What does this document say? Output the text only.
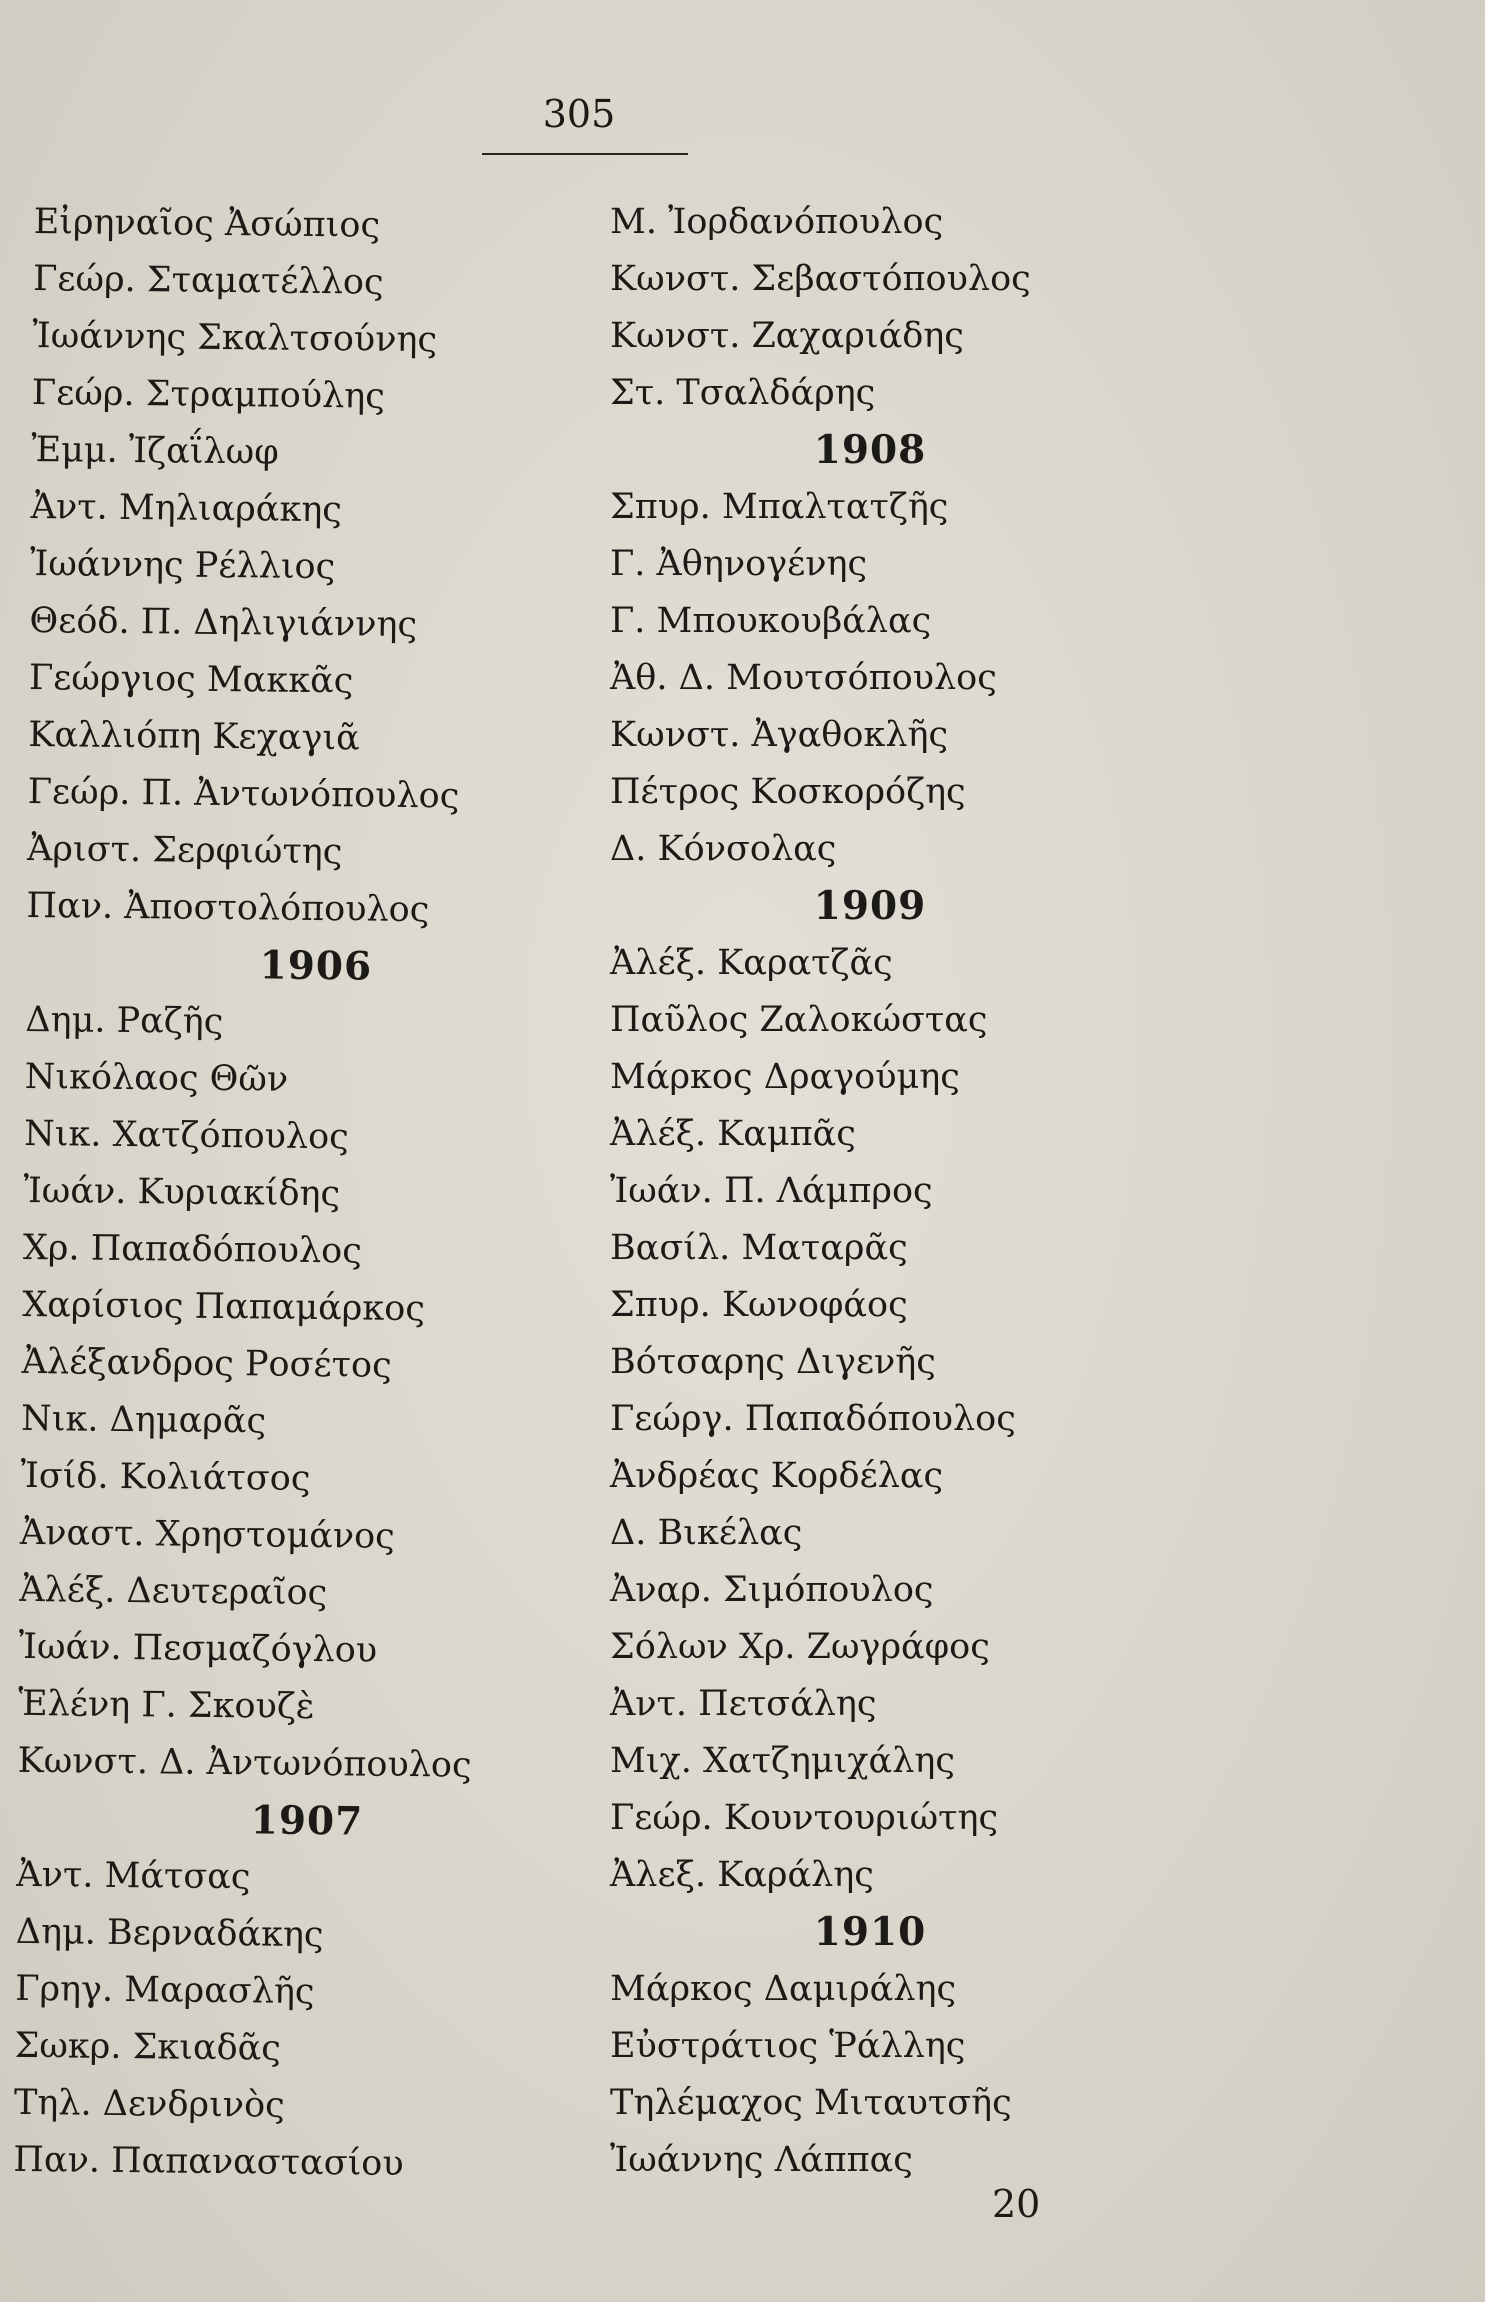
305
Εἰρηναῖος Ἀσώπιος
Γεώρ. Σταματέλλος
Ἰωάννης Σκαλτσούνης
Γεώρ. Στραμπούλης
Ἐμμ. Ἰζαΐλωφ
Ἀντ. Μηλιαράκης
Ἰωάννης Ρέλλιος
Θεόδ. Π. Δηλιγιάννης
Γεώργιος Μακκᾶς
Καλλιόπη Κεχαγιᾶ
Γεώρ. Π. Ἀντωνόπουλος
Ἀριστ. Σερφιώτης
Παν. Ἀποστολόπουλος
1906
Δημ. Ραζῆς
Νικόλαος Θῶν
Νικ. Χατζόπουλος
Ἰωάν. Κυριακίδης
Χρ. Παπαδόπουλος
Χαρίσιος Παπαμάρκος
Ἀλέξανδρος Ροσέτος
Νικ. Δημαρᾶς
Ἰσίδ. Κολιάτσος
Ἀναστ. Χρηστομάνος
Ἀλέξ. Δευτεραῖος
Ἰωάν. Πεσμαζόγλου
Ἑλένη Γ. Σκουζὲ
Κωνστ. Δ. Ἀντωνόπουλος
1907
Ἀντ. Μάτσας
Δημ. Βερναδάκης
Γρηγ. Μαρασλῆς
Σωκρ. Σκιαδᾶς
Τηλ. Δενδρινὸς
Παν. Παπαναστασίου
Μ. Ἰορδανόπουλος
Κωνστ. Σεβαστόπουλος
Κωνστ. Ζαχαριάδης
Στ. Τσαλδάρης
1908
Σπυρ. Μπαλτατζῆς
Γ. Ἀθηνογένης
Γ. Μπουκουβάλας
Ἀθ. Δ. Μουτσόπουλος
Κωνστ. Ἀγαθοκλῆς
Πέτρος Κοσκορόζης
Δ. Κόνσολας
1909
Ἀλέξ. Καρατζᾶς
Παῦλος Ζαλοκώστας
Μάρκος Δραγούμης
Ἀλέξ. Καμπᾶς
Ἰωάν. Π. Λάμπρος
Βασίλ. Ματαρᾶς
Σπυρ. Κωνοφάος
Βότσαρης Διγενῆς
Γεώργ. Παπαδόπουλος
Ἀνδρέας Κορδέλας
Δ. Βικέλας
Ἀναρ. Σιμόπουλος
Σόλων Χρ. Ζωγράφος
Ἀντ. Πετσάλης
Μιχ. Χατζημιχάλης
Γεώρ. Κουντουριώτης
Ἀλεξ. Καράλης
1910
Μάρκος Δαμιράλης
Εὐστράτιος Ῥάλλης
Τηλέμαχος Μιταυτσῆς
Ἰωάννης Λάππας
20
